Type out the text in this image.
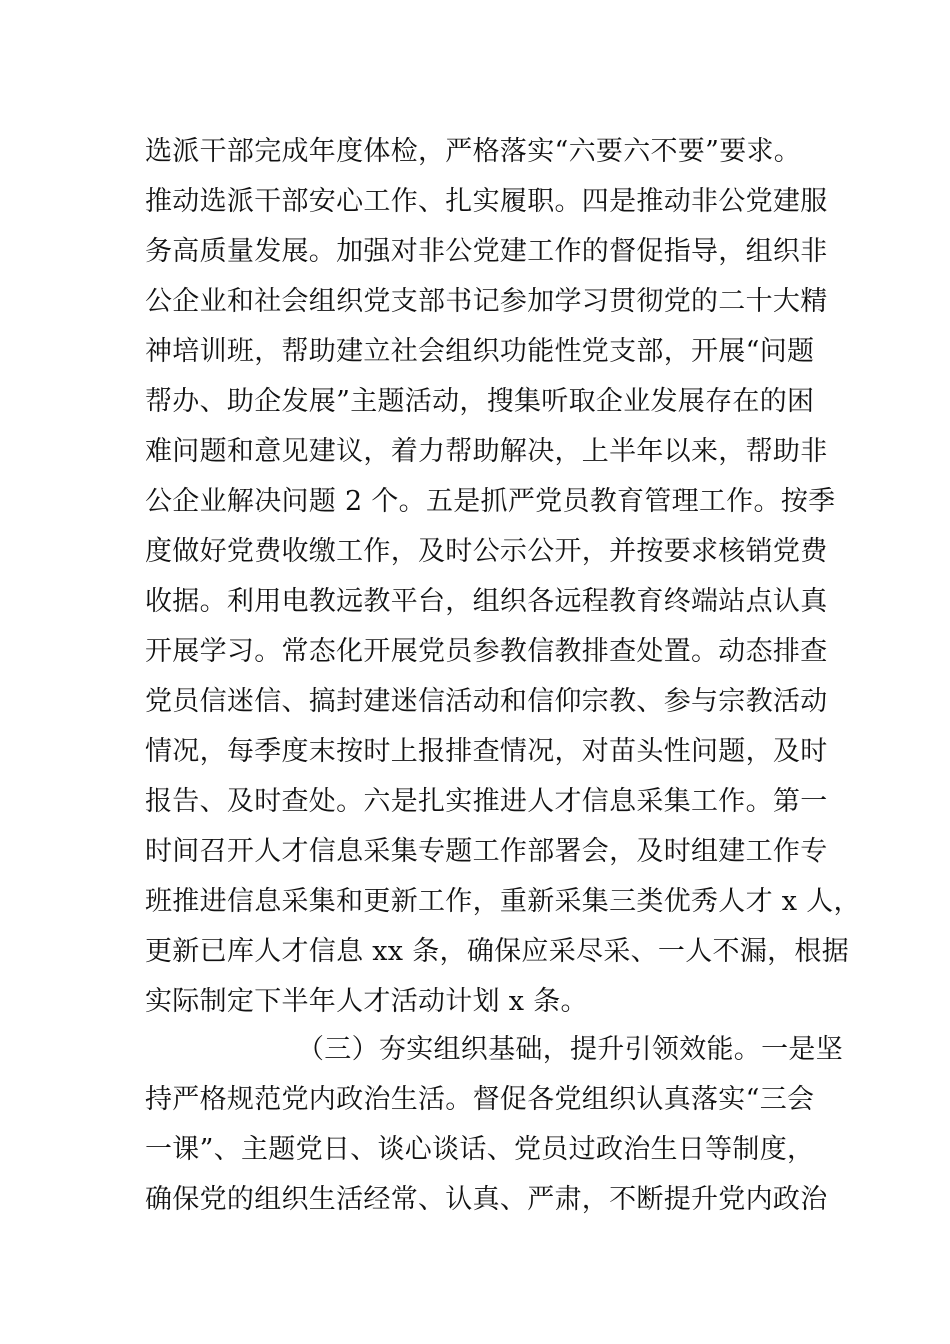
选派干部完成年度体检，严格落实“六要六不要”要求。
推动选派干部安心工作、扎实履职。四是推动非公党建服
务高质量发展。加强对非公党建工作的督促指导，组织非
公企业和社会组织党支部书记参加学习贯彻党的二十大精
神培训班，帮助建立社会组织功能性党支部，开展“问题
帮办、助企发展”主题活动，搜集听取企业发展存在的困
难问题和意见建议，着力帮助解决，上半年以来，帮助非
公企业解决问题 2 个。五是抓严党员教育管理工作。按季
度做好党费收缴工作，及时公示公开，并按要求核销党费
收据。利用电教远教平台，组织各远程教育终端站点认真
开展学习。常态化开展党员参教信教排查处置。动态排查
党员信迷信、搞封建迷信活动和信仰宗教、参与宗教活动
情况，每季度末按时上报排查情况，对苗头性问题，及时
报告、及时查处。六是扎实推进人才信息采集工作。第一
时间召开人才信息采集专题工作部署会，及时组建工作专
班推进信息采集和更新工作，重新采集三类优秀人才 x 人，
更新已库人才信息 xx 条，确保应采尽采、一人不漏，根据
实际制定下半年人才活动计划 x 条。
（三）夯实组织基础，提升引领效能。一是坚
持严格规范党内政治生活。督促各党组织认真落实“三会
一课”、主题党日、谈心谈话、党员过政治生日等制度，
确保党的组织生活经常、认真、严肃，不断提升党内政治
